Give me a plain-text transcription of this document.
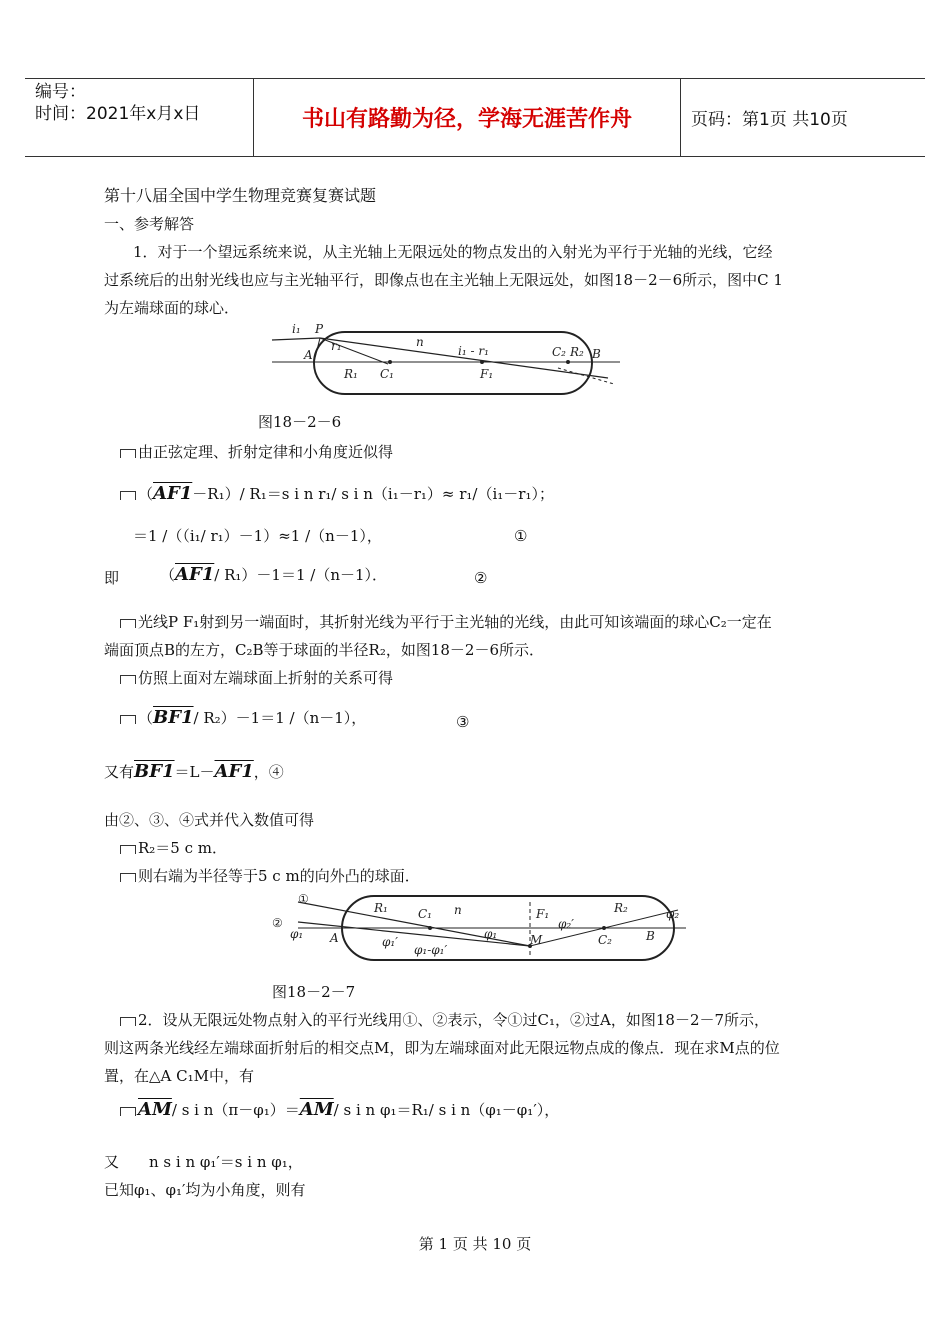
编号：
时间：2021年x月x日	书山有路勤为径，学海无涯苦作舟	页码：第1页 共10页
第十八届全国中学生物理竞赛复赛试题
一、参考解答
1．对于一个望远系统来说，从主光轴上无限远处的物点发出的入射光为平行于光轴的光线，它经
过系统后的出射光线也应与主光轴平行，即像点也在主光轴上无限远处，如图18－2－6所示，图中C 1
为左端球面的球心．
i₁ P
r₁	n
i₁ - r₁	C₂ R₂ B
A
R₁ C₁	F₁
图18－2－6
由正弦定理、折射定律和小角度近似得
（AF1－R₁）/ R₁＝s i n r₁/ s i n（i₁－r₁）≈ r₁/（i₁－r₁）；
＝1 /（（i₁/ r₁）－1）≈1 /（n－1），	①
即	（AF1/ R₁）－1＝1 /（n－1）．	②
光线P F₁射到另一端面时，其折射光线为平行于主光轴的光线，由此可知该端面的球心C₂一定在
端面顶点B的左方，C₂B等于球面的半径R₂，如图18－2－6所示．
仿照上面对左端球面上折射的关系可得
（BF1/ R₂）－1＝1 /（n－1），	③
又有BF1＝L－AF1，④
由②、③、④式并代入数值可得
R₂＝5 c m．
则右端为半径等于5 c m的向外凸的球面．
①
②
φ₁
R₁	C₁ n	F₁	R₂	φ₂
A	φ₁′
φ₁-φ₁′
φ₁	M
φ₂′
C₂	B
图18－2－7
2．设从无限远处物点射入的平行光线用①、②表示，令①过C₁，②过A，如图18－2－7所示，
则这两条光线经左端球面折射后的相交点M，即为左端球面对此无限远物点成的像点．现在求M点的位
置，在△A C₁M中，有
$\overline{AM}/$ s i $n(\pi-\varphi_1)=\overline{AM}/$ s i n φ₁＝R₁/ s i n（φ₁－φ₁′），
又　　n s i n φ₁′＝s i n φ₁，
已知φ₁、φ₁′均为小角度，则有
第 1 页 共 10 页
